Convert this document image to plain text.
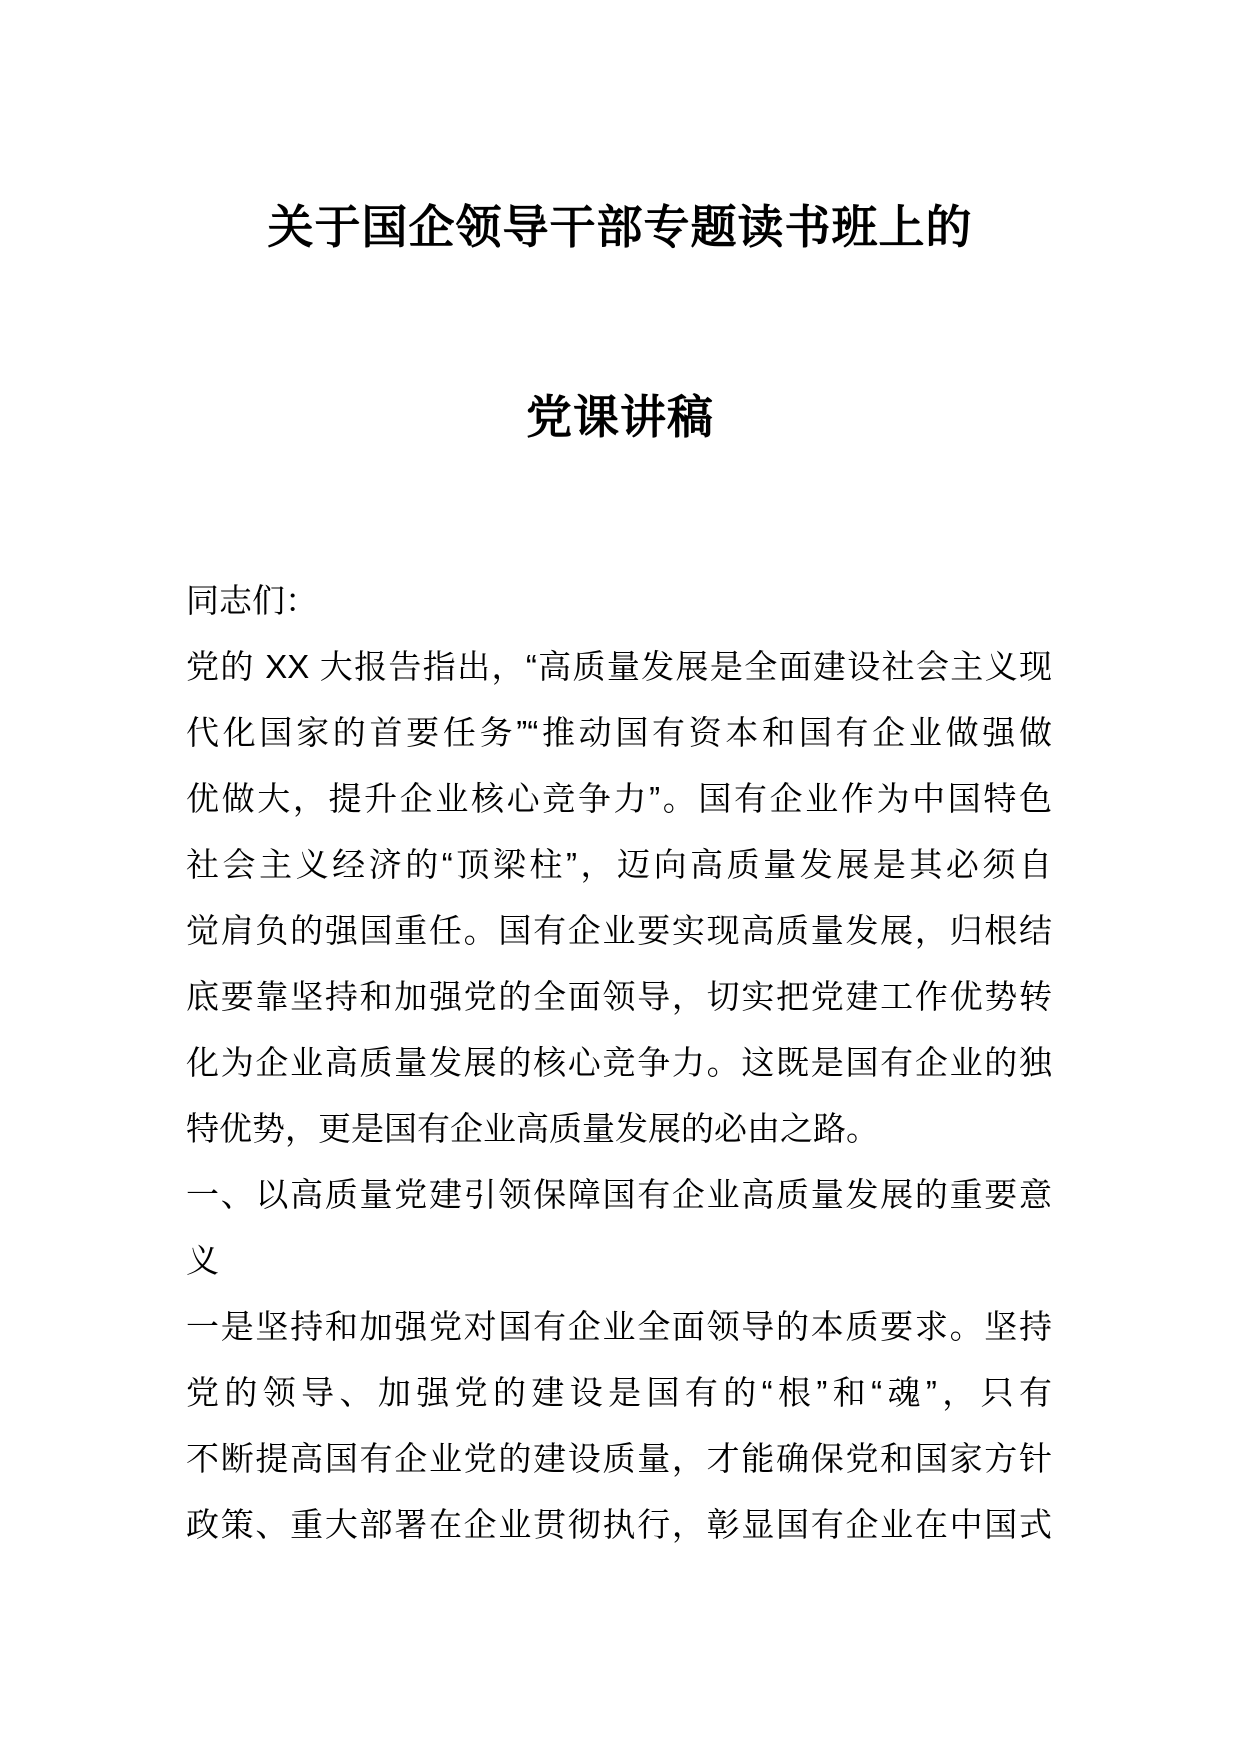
关于国企领导干部专题读书班上的
党课讲稿
同志们：
党的 XX 大报告指出，“高质量发展是全面建设社会主义现
代化国家的首要任务”“推动国有资本和国有企业做强做
优做大，提升企业核心竞争力”。国有企业作为中国特色
社会主义经济的“顶梁柱”，迈向高质量发展是其必须自
觉肩负的强国重任。国有企业要实现高质量发展，归根结
底要靠坚持和加强党的全面领导，切实把党建工作优势转
化为企业高质量发展的核心竞争力。这既是国有企业的独
特优势，更是国有企业高质量发展的必由之路。
一、以高质量党建引领保障国有企业高质量发展的重要意
义
一是坚持和加强党对国有企业全面领导的本质要求。坚持
党的领导、加强党的建设是国有的“根”和“魂”，只有
不断提高国有企业党的建设质量，才能确保党和国家方针
政策、重大部署在企业贯彻执行，彰显国有企业在中国式
